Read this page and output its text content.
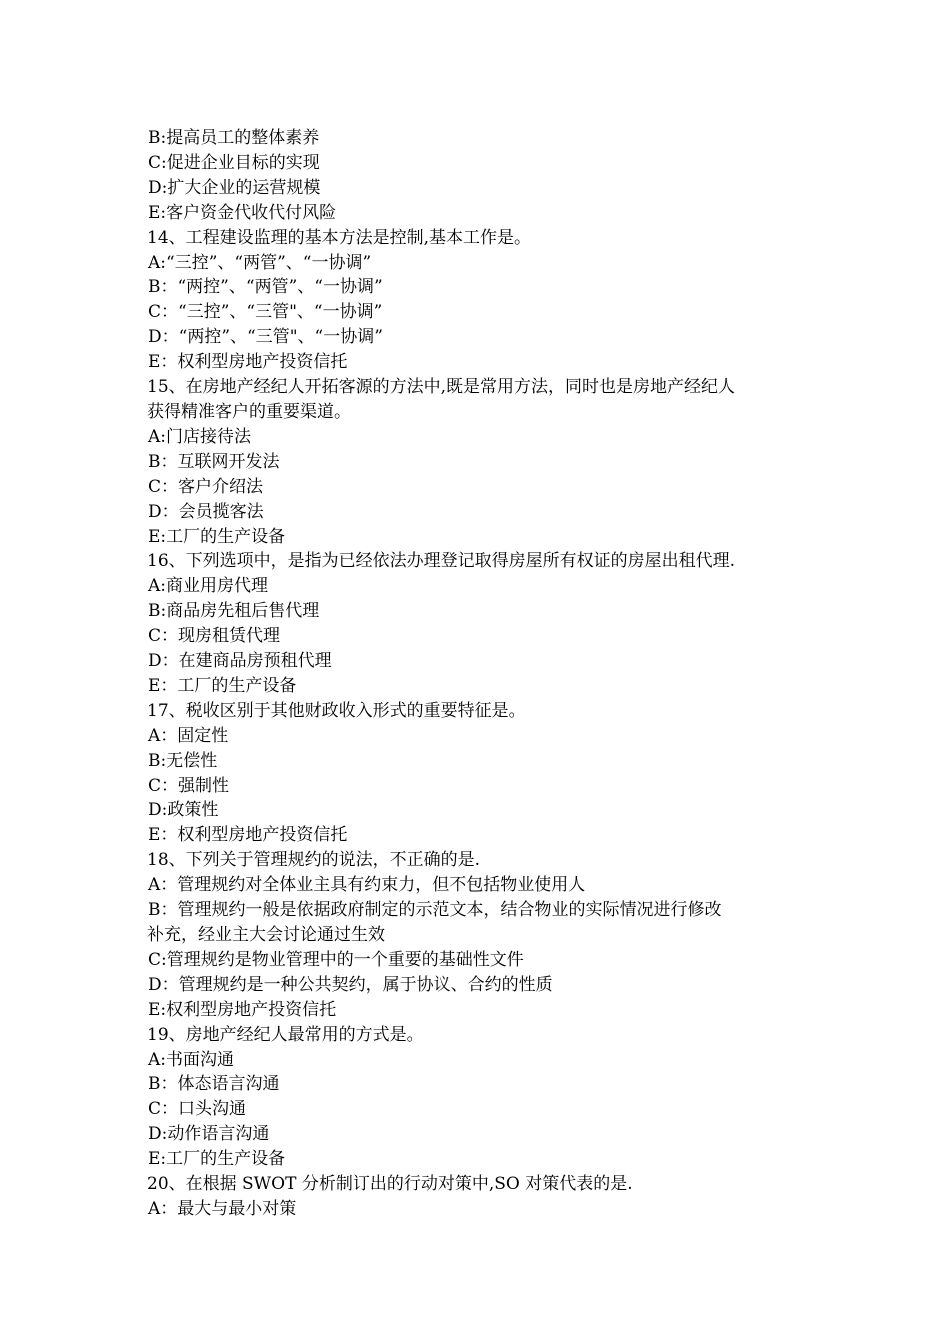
B:提高员工的整体素养
C:促进企业目标的实现
D:扩大企业的运营规模
E:客户资金代收代付风险
14、工程建设监理的基本方法是控制,基本工作是。
A:“三控”、“两管”、“一协调”
B：“两控”、“两管”、“一协调”
C：“三控”、“三管"、“一协调”
D：“两控”、“三管"、“一协调”
E：权利型房地产投资信托
15、在房地产经纪人开拓客源的方法中,既是常用方法，同时也是房地产经纪人
获得精准客户的重要渠道。
A:门店接待法
B：互联网开发法
C：客户介绍法
D：会员揽客法
E:工厂的生产设备
16、下列选项中，是指为已经依法办理登记取得房屋所有权证的房屋出租代理.
A:商业用房代理
B:商品房先租后售代理
C：现房租赁代理
D：在建商品房预租代理
E：工厂的生产设备
17、税收区别于其他财政收入形式的重要特征是。
A：固定性
B:无偿性
C：强制性
D:政策性
E：权利型房地产投资信托
18、下列关于管理规约的说法，不正确的是.
A：管理规约对全体业主具有约束力，但不包括物业使用人
B：管理规约一般是依据政府制定的示范文本，结合物业的实际情况进行修改
补充，经业主大会讨论通过生效
C:管理规约是物业管理中的一个重要的基础性文件
D：管理规约是一种公共契约，属于协议、合约的性质
E:权利型房地产投资信托
19、房地产经纪人最常用的方式是。
A:书面沟通
B：体态语言沟通
C：口头沟通
D:动作语言沟通
E:工厂的生产设备
20、在根据 SWOT 分析制订出的行动对策中,SO 对策代表的是.
A：最大与最小对策
